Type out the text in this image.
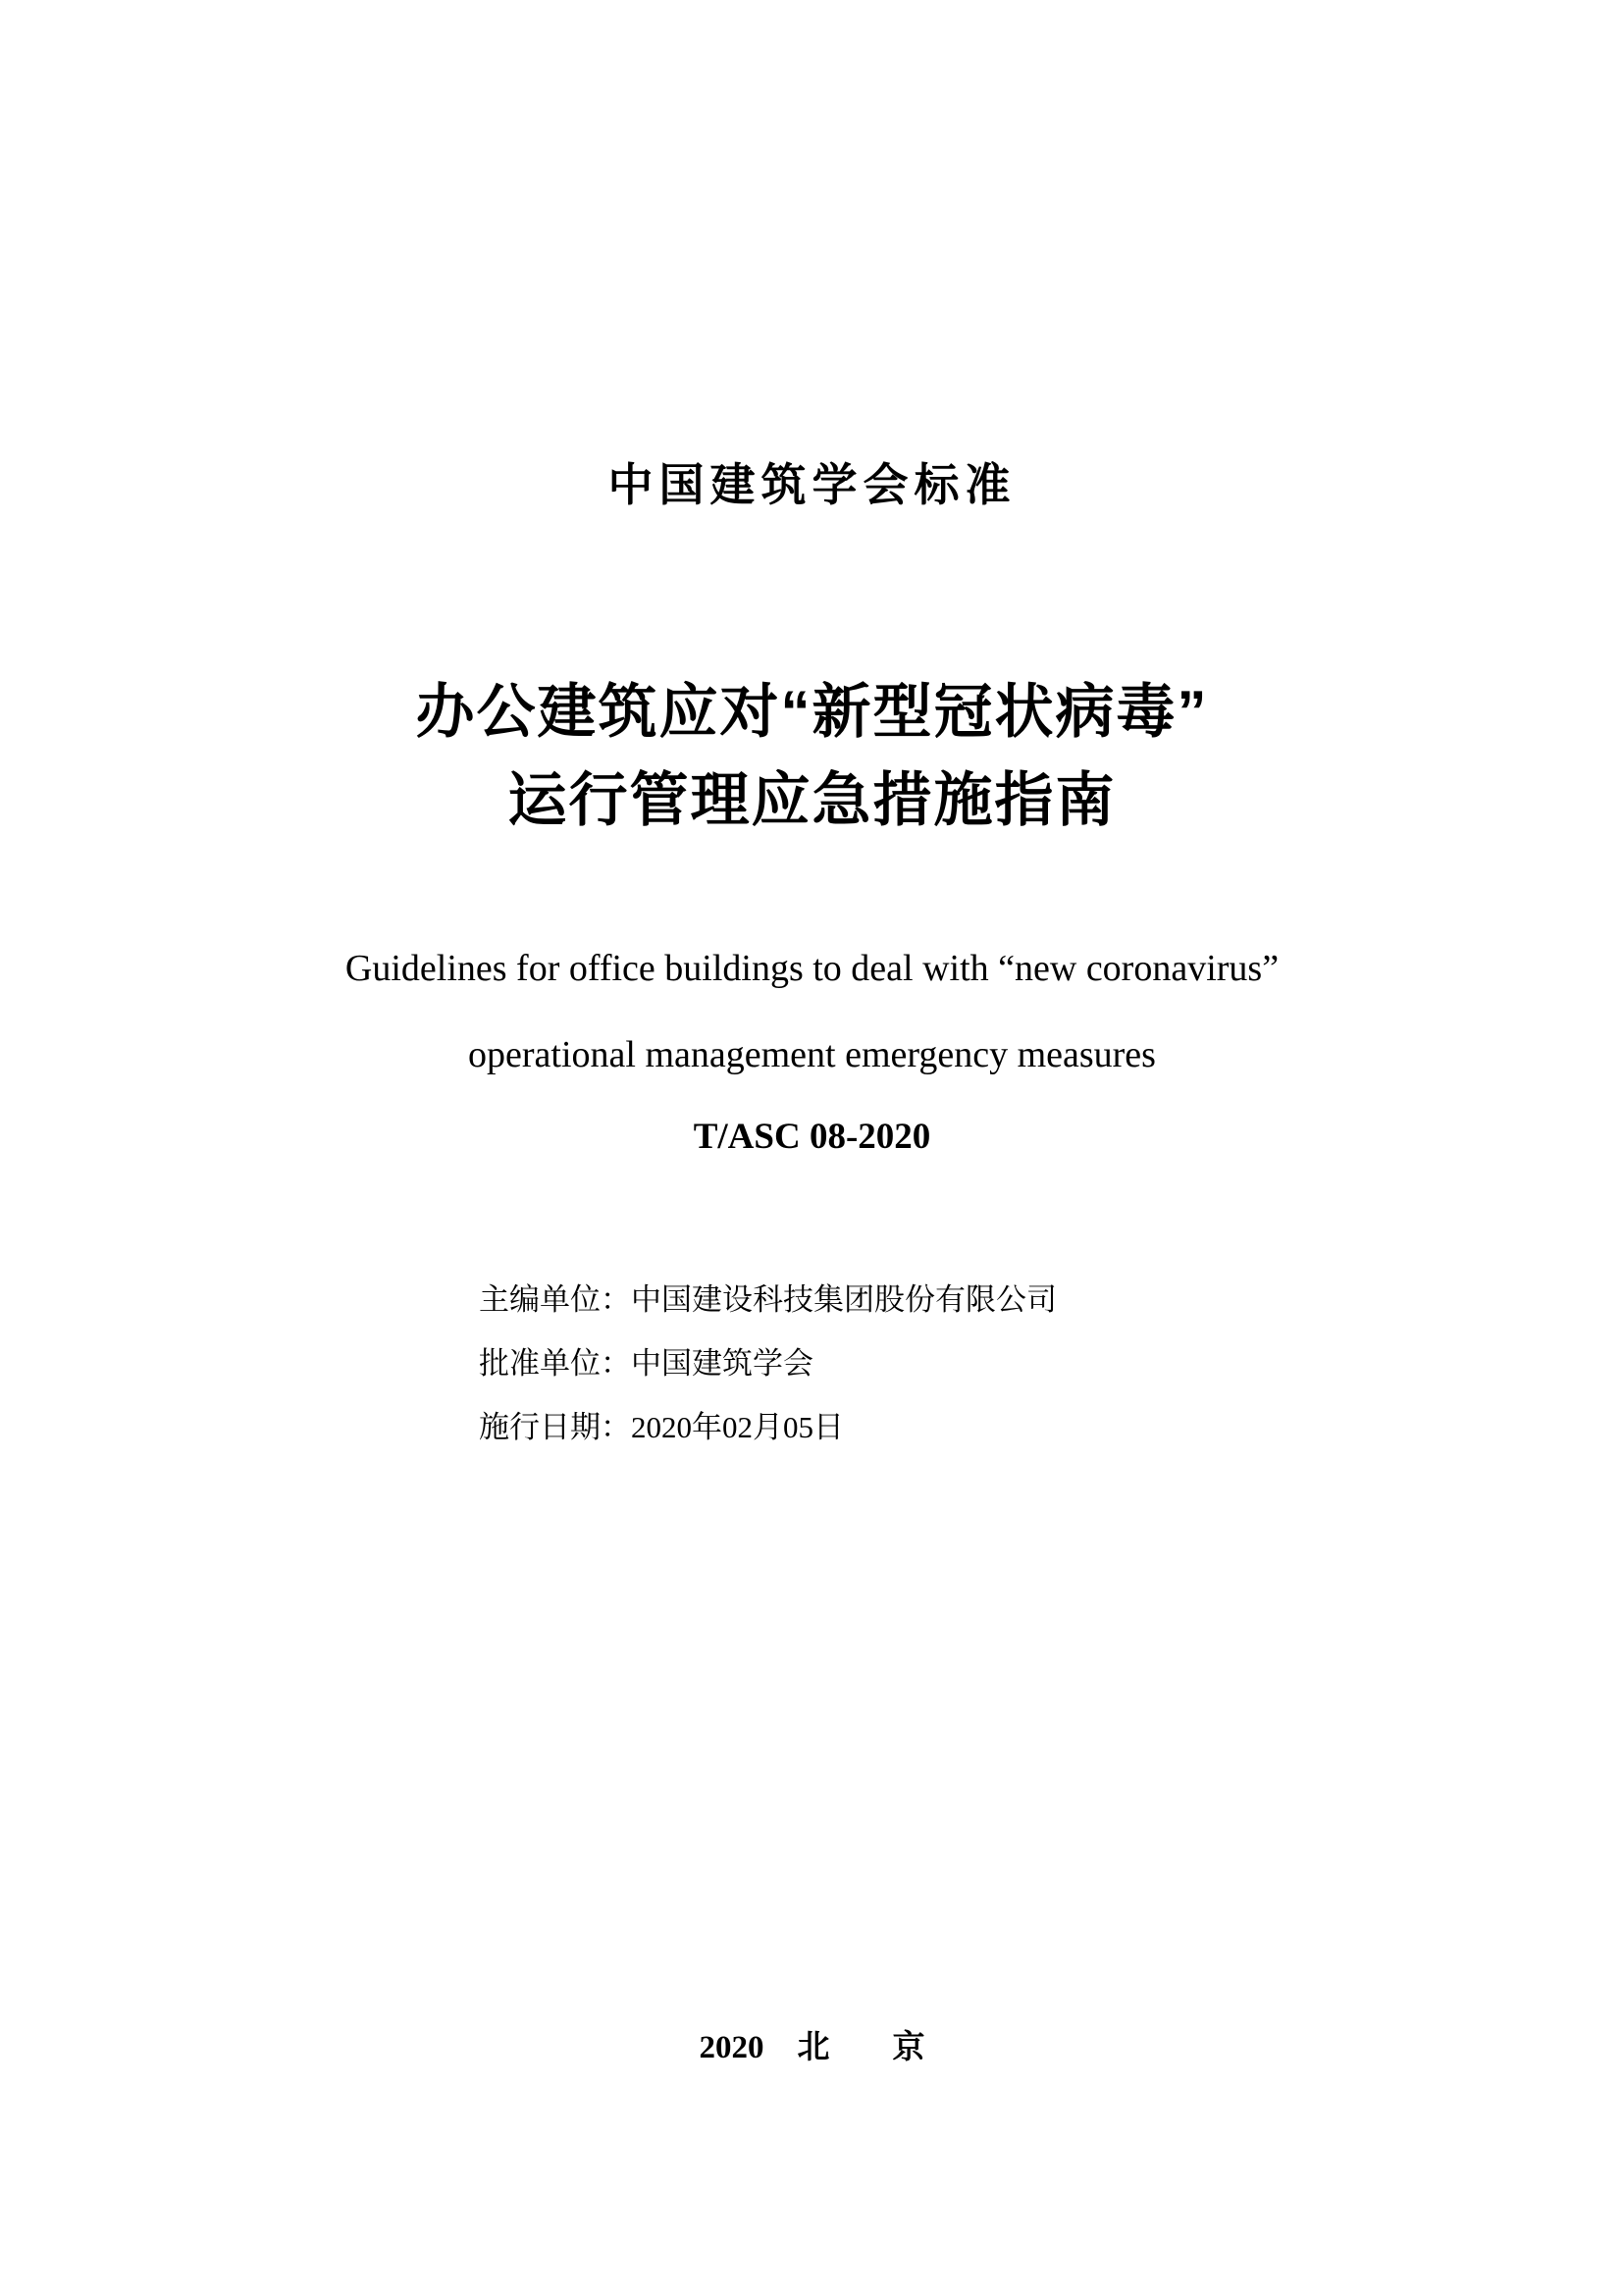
中国建筑学会标准
办公建筑应对“新型冠状病毒”
运行管理应急措施指南
Guidelines for office buildings to deal with “new coronavirus”
operational management emergency measures
T/ASC 08-2020
主编单位：中国建设科技集团股份有限公司
批准单位：中国建筑学会
施行日期：2020年02月05日
2020 北 京
